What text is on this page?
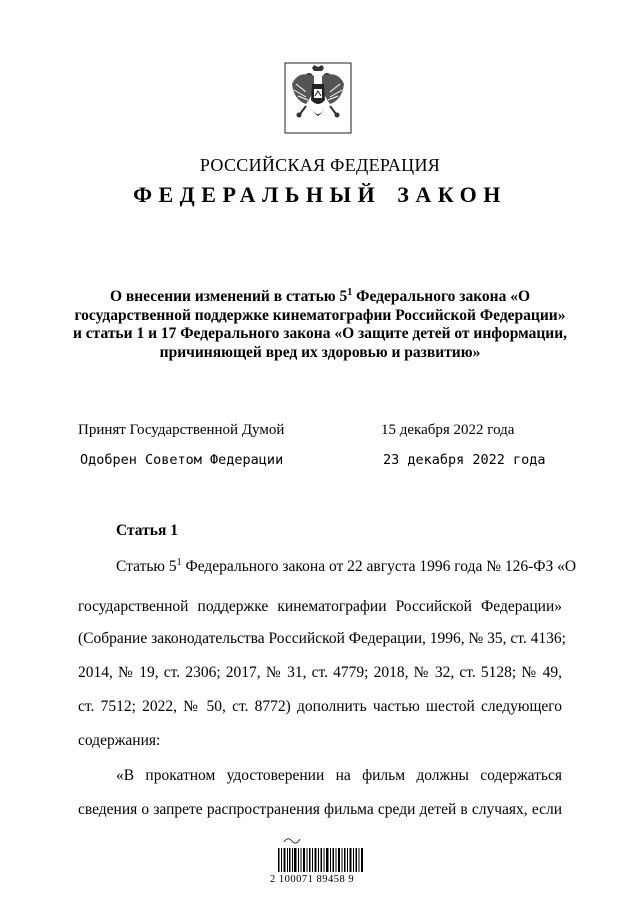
РОССИЙСКАЯ ФЕДЕРАЦИЯ
ФЕДЕРАЛЬНЫЙ ЗАКОН
О внесении изменений в статью $5^1$ Федерального закона «О
государственной поддержке кинематографии Российской Федерации»
и статьи 1 и 17 Федерального закона «О защите детей от информации,
причиняющей вред их здоровью и развитию»
Принят Государственной Думой	15 декабря 2022 года
Одобрен Советом Федерации	23 декабря 2022 года
Статья 1
Статью $5^1$ Федерального закона от 22 августа 1996 года № 126-ФЗ «О
государственной поддержке кинематографии Российской Федерации»
(Собрание законодательства Российской Федерации, 1996, № 35, ст. 4136;
2014, № 19, ст. 2306; 2017, № 31, ст. 4779; 2018, № 32, ст. 5128; № 49,
ст. 7512; 2022, № 50, ст. 8772) дополнить частью шестой следующего
содержания:
«В прокатном удостоверении на фильм должны содержаться
сведения о запрете распространения фильма среди детей в случаях, если
2 100071 89458 9
